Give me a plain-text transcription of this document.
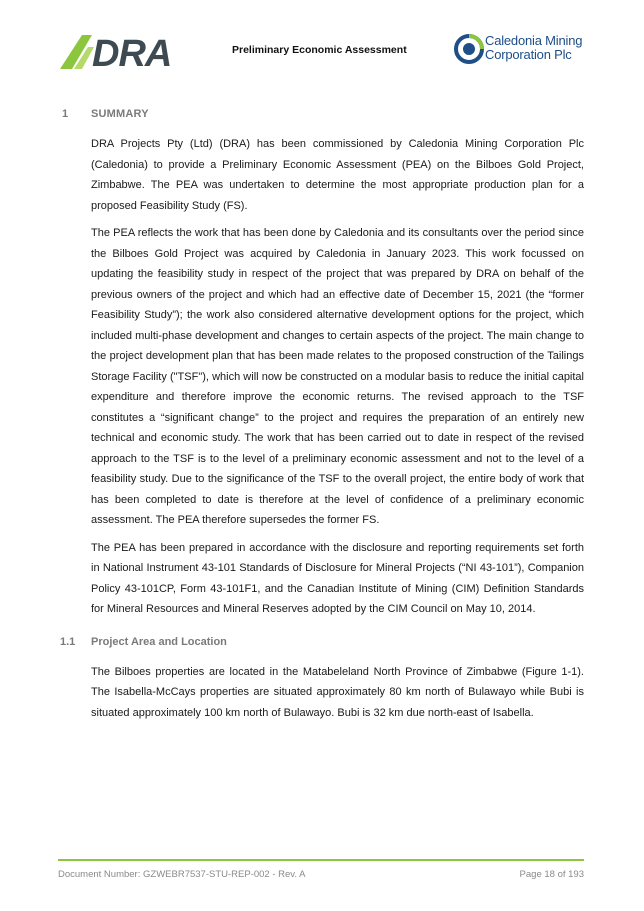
DRA	Preliminary Economic Assessment
Caledonia Mining
Corporation Plc
1 SUMMARY

DRA Projects Pty (Ltd) (DRA) has been commissioned by Caledonia Mining Corporation Plc (Caledonia) to provide a Preliminary Economic Assessment (PEA) on the Bilboes Gold Project, Zimbabwe. The PEA was undertaken to determine the most appropriate production plan for a proposed Feasibility Study (FS).

The PEA reflects the work that has been done by Caledonia and its consultants over the period since the Bilboes Gold Project was acquired by Caledonia in January 2023. This work focussed on updating the feasibility study in respect of the project that was prepared by DRA on behalf of the previous owners of the project and which had an effective date of December 15, 2021 (the “former Feasibility Study”); the work also considered alternative development options for the project, which included multi-phase development and changes to certain aspects of the project. The main change to the project development plan that has been made relates to the proposed construction of the Tailings Storage Facility ("TSF"), which will now be constructed on a modular basis to reduce the initial capital expenditure and therefore improve the economic returns. The revised approach to the TSF constitutes a “significant change” to the project and requires the preparation of an entirely new technical and economic study. The work that has been carried out to date in respect of the revised approach to the TSF is to the level of a preliminary economic assessment and not to the level of a feasibility study. Due to the significance of the TSF to the overall project, the entire body of work that has been completed to date is therefore at the level of confidence of a preliminary economic assessment. The PEA therefore supersedes the former FS.

The PEA has been prepared in accordance with the disclosure and reporting requirements set forth in National Instrument 43-101 Standards of Disclosure for Mineral Projects (“NI 43-101”), Companion Policy 43-101CP, Form 43-101F1, and the Canadian Institute of Mining (CIM) Definition Standards for Mineral Resources and Mineral Reserves adopted by the CIM Council on May 10, 2014.

1.1 Project Area and Location

The Bilboes properties are located in the Matabeleland North Province of Zimbabwe (Figure 1-1). The Isabella-McCays properties are situated approximately 80 km north of Bulawayo while Bubi is situated approximately 100 km north of Bulawayo. Bubi is 32 km due north-east of Isabella.

Document Number: GZWEBR7537-STU-REP-002 - Rev. A	Page 18 of 193
